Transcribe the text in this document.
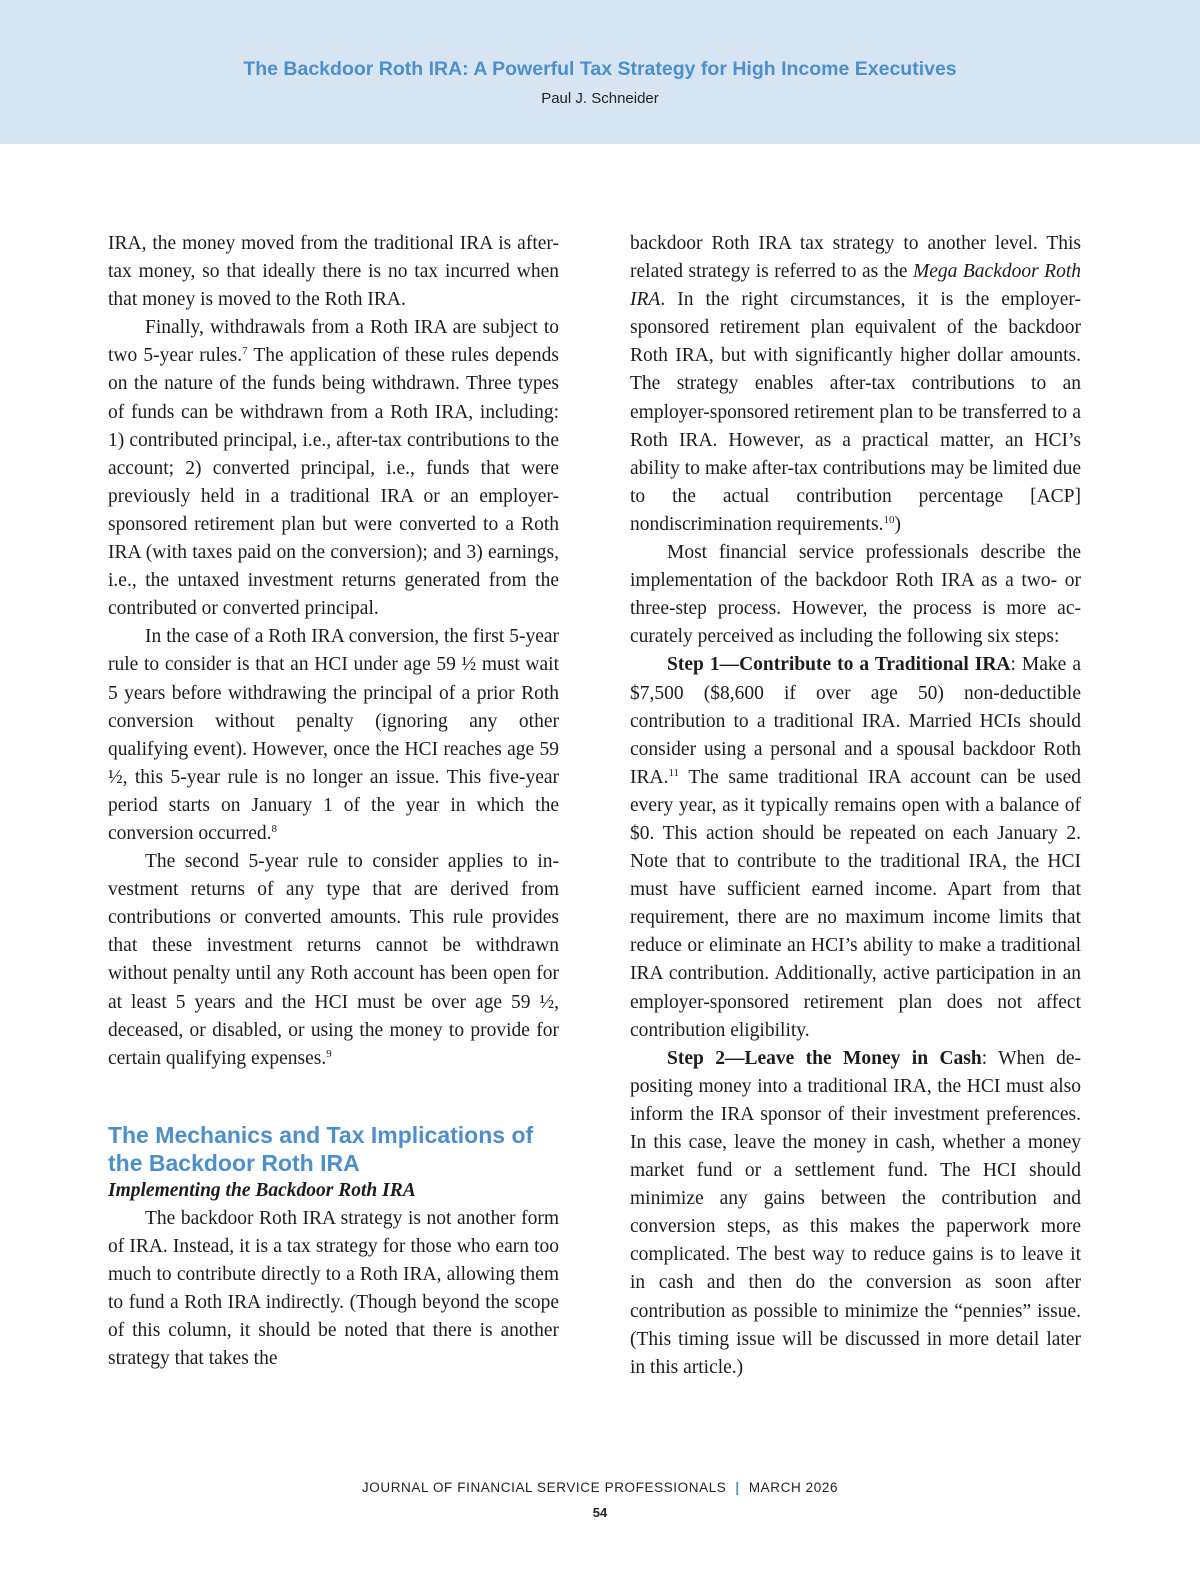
The Backdoor Roth IRA: A Powerful Tax Strategy for High Income Executives
Paul J. Schneider

IRA, the money moved from the traditional IRA is after-tax money, so that ideally there is no tax incurred when that money is moved to the Roth IRA.

Finally, withdrawals from a Roth IRA are subject to two 5-year rules.$^7$ The application of these rules depends on the nature of the funds being withdrawn. Three types of funds can be withdrawn from a Roth IRA, including: 1) contributed principal, i.e., after-tax contributions to the account; 2) converted principal, i.e., funds that were previously held in a traditional IRA or an employer-sponsored retirement plan but were converted to a Roth IRA (with taxes paid on the conversion); and 3) earnings, i.e., the untaxed investment returns generated from the contributed or converted principal.

In the case of a Roth IRA conversion, the first 5-year rule to consider is that an HCI under age 59 ½ must wait 5 years before withdrawing the principal of a prior Roth conversion without penalty (ignoring any other qualifying event). However, once the HCI reaches age 59 ½, this 5-year rule is no longer an issue. This five-year period starts on January 1 of the year in which the conversion occurred.$^8$

The second 5-year rule to consider applies to investment returns of any type that are derived from contributions or converted amounts. This rule provides that these investment returns cannot be withdrawn without penalty until any Roth account has been open for at least 5 years and the HCI must be over age 59 ½, deceased, or disabled, or using the money to provide for certain qualifying expenses.$^9$

The Mechanics and Tax Implications of the Backdoor Roth IRA

Implementing the Backdoor Roth IRA

The backdoor Roth IRA strategy is not another form of IRA. Instead, it is a tax strategy for those who earn too much to contribute directly to a Roth IRA, allowing them to fund a Roth IRA indirectly. (Though beyond the scope of this column, it should be noted that there is another strategy that takes the

backdoor Roth IRA tax strategy to another level. This related strategy is referred to as the Mega Backdoor Roth IRA. In the right circumstances, it is the employer-sponsored retirement plan equivalent of the backdoor Roth IRA, but with significantly higher dollar amounts. The strategy enables after-tax contributions to an employer-sponsored retirement plan to be transferred to a Roth IRA. However, as a practical matter, an HCI’s ability to make after-tax contributions may be limited due to the actual contribution percentage [ACP] nondiscrimination requirements.$^{10}$)

Most financial service professionals describe the implementation of the backdoor Roth IRA as a two- or three-step process. However, the process is more accurately perceived as including the following six steps:

Step 1—Contribute to a Traditional IRA: Make a $7,500 ($8,600 if over age 50) non-deductible contribution to a traditional IRA. Married HCIs should consider using a personal and a spousal backdoor Roth IRA.$^{11}$ The same traditional IRA account can be used every year, as it typically remains open with a balance of $0. This action should be repeated on each January 2. Note that to contribute to the traditional IRA, the HCI must have sufficient earned income. Apart from that requirement, there are no maximum income limits that reduce or eliminate an HCI’s ability to make a traditional IRA contribution. Additionally, active participation in an employer-sponsored retirement plan does not affect contribution eligibility.

Step 2—Leave the Money in Cash: When depositing money into a traditional IRA, the HCI must also inform the IRA sponsor of their investment preferences. In this case, leave the money in cash, whether a money market fund or a settlement fund. The HCI should minimize any gains between the contribution and conversion steps, as this makes the paperwork more complicated. The best way to reduce gains is to leave it in cash and then do the conversion as soon after contribution as possible to minimize the “pennies” issue. (This timing issue will be discussed in more detail later in this article.)

JOURNAL OF FINANCIAL SERVICE PROFESSIONALS | MARCH 2026
54
